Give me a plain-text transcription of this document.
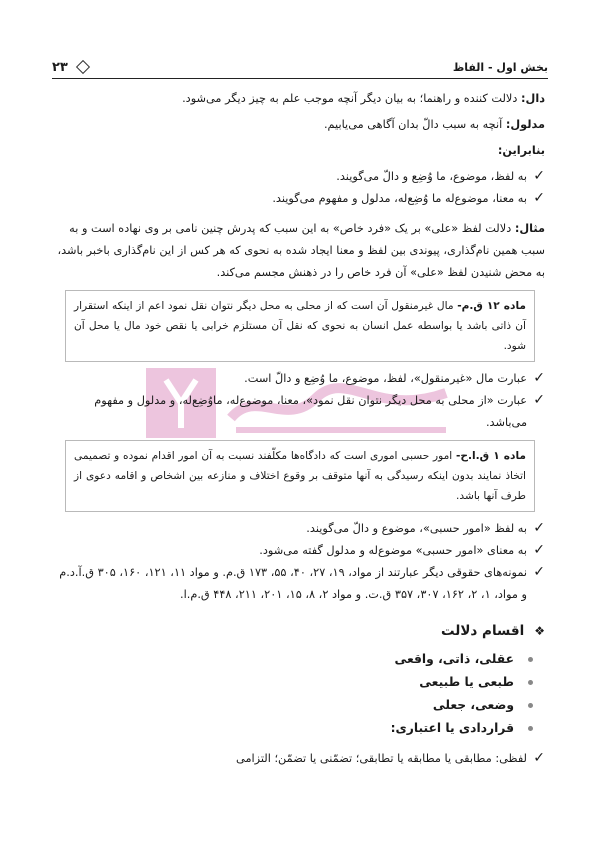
بخش اول - الفاظ
۲۳

دال: دلالت کننده و راهنما؛ به بیان دیگر آنچه موجب علم به چیز دیگر می‌شود.

مدلول: آنچه به سبب دالّ بدان آگاهی می‌یابیم.

بنابراین:

✓
به لفظ، موضوع، ما وُضِع و دالّ می‌گویند.
✓
به معنا، موضوع‌له ما وُضِع‌له، مدلول و مفهوم می‌گویند.

مثال: دلالت لفظ «علی» بر یک «فرد خاص» به این سبب که پدرش چنین نامی بر وی نهاده است و به سبب همین نام‌گذاری، پیوندی بین لفظ و معنا ایجاد شده به نحوی که هر کس از این نام‌گذاری باخبر باشد، به محض شنیدن لفظ «علی» آن فرد خاص را در ذهنش مجسم می‌کند.

ماده ۱۲ ق.م- مال غیرمنقول آن است که از محلی به محل دیگر نتوان نقل نمود اعم از اینکه استقرار آن ذاتی باشد یا بواسطه عمل انسان به نحوی که نقل آن مستلزم خرابی یا نقص خود مال یا محل آن شود.
✓
عبارت مال «غیرمنقول»، لفظ، موضوع، ما وُضِع و دالّ است.
✓
عبارت «از محلی به محل دیگر نتوان نقل نمود»، معنا، موضوع‌له، ماوُضِع‌له، و مدلول و مفهوم می‌باشد.
ماده ۱ ق.ا.ح- امور حسبی اموری است که دادگاه‌ها مکلّفند نسبت به آن امور اقدام نموده و تصمیمی اتخاذ نمایند بدون اینکه رسیدگی به آنها متوقف بر وقوع اختلاف و منازعه بین اشخاص و اقامه دعوی از طرف آنها باشد.
✓
به لفظ «امور حسبی»، موضوع و دالّ می‌گویند.
✓
به معنای «امور حسبی» موضوع‌له و مدلول گفته می‌شود.
✓
نمونه‌های حقوقی دیگر عبارتند از مواد، ۱۹، ۲۷، ۴۰، ۵۵، ۱۷۳ ق.م. و مواد ۱۱، ۱۲۱، ۱۶۰، ۳۰۵ ق.آ.د.م و مواد، ۱، ۲، ۱۶۲، ۳۰۷، ۳۵۷ ق.ت. و مواد ۲، ۸، ۱۵، ۲۰۱، ۲۱۱، ۴۴۸ ق.م.ا.
❖
اقسام دلالت
عقلی، ذاتی، واقعی
طبعی یا طبیعی
وضعی، جعلی
قراردادی یا اعتباری:
✓
لفظی: مطابقی یا مطابقه یا تطابقی؛ تضمّنی یا تضمّن؛ التزامی
